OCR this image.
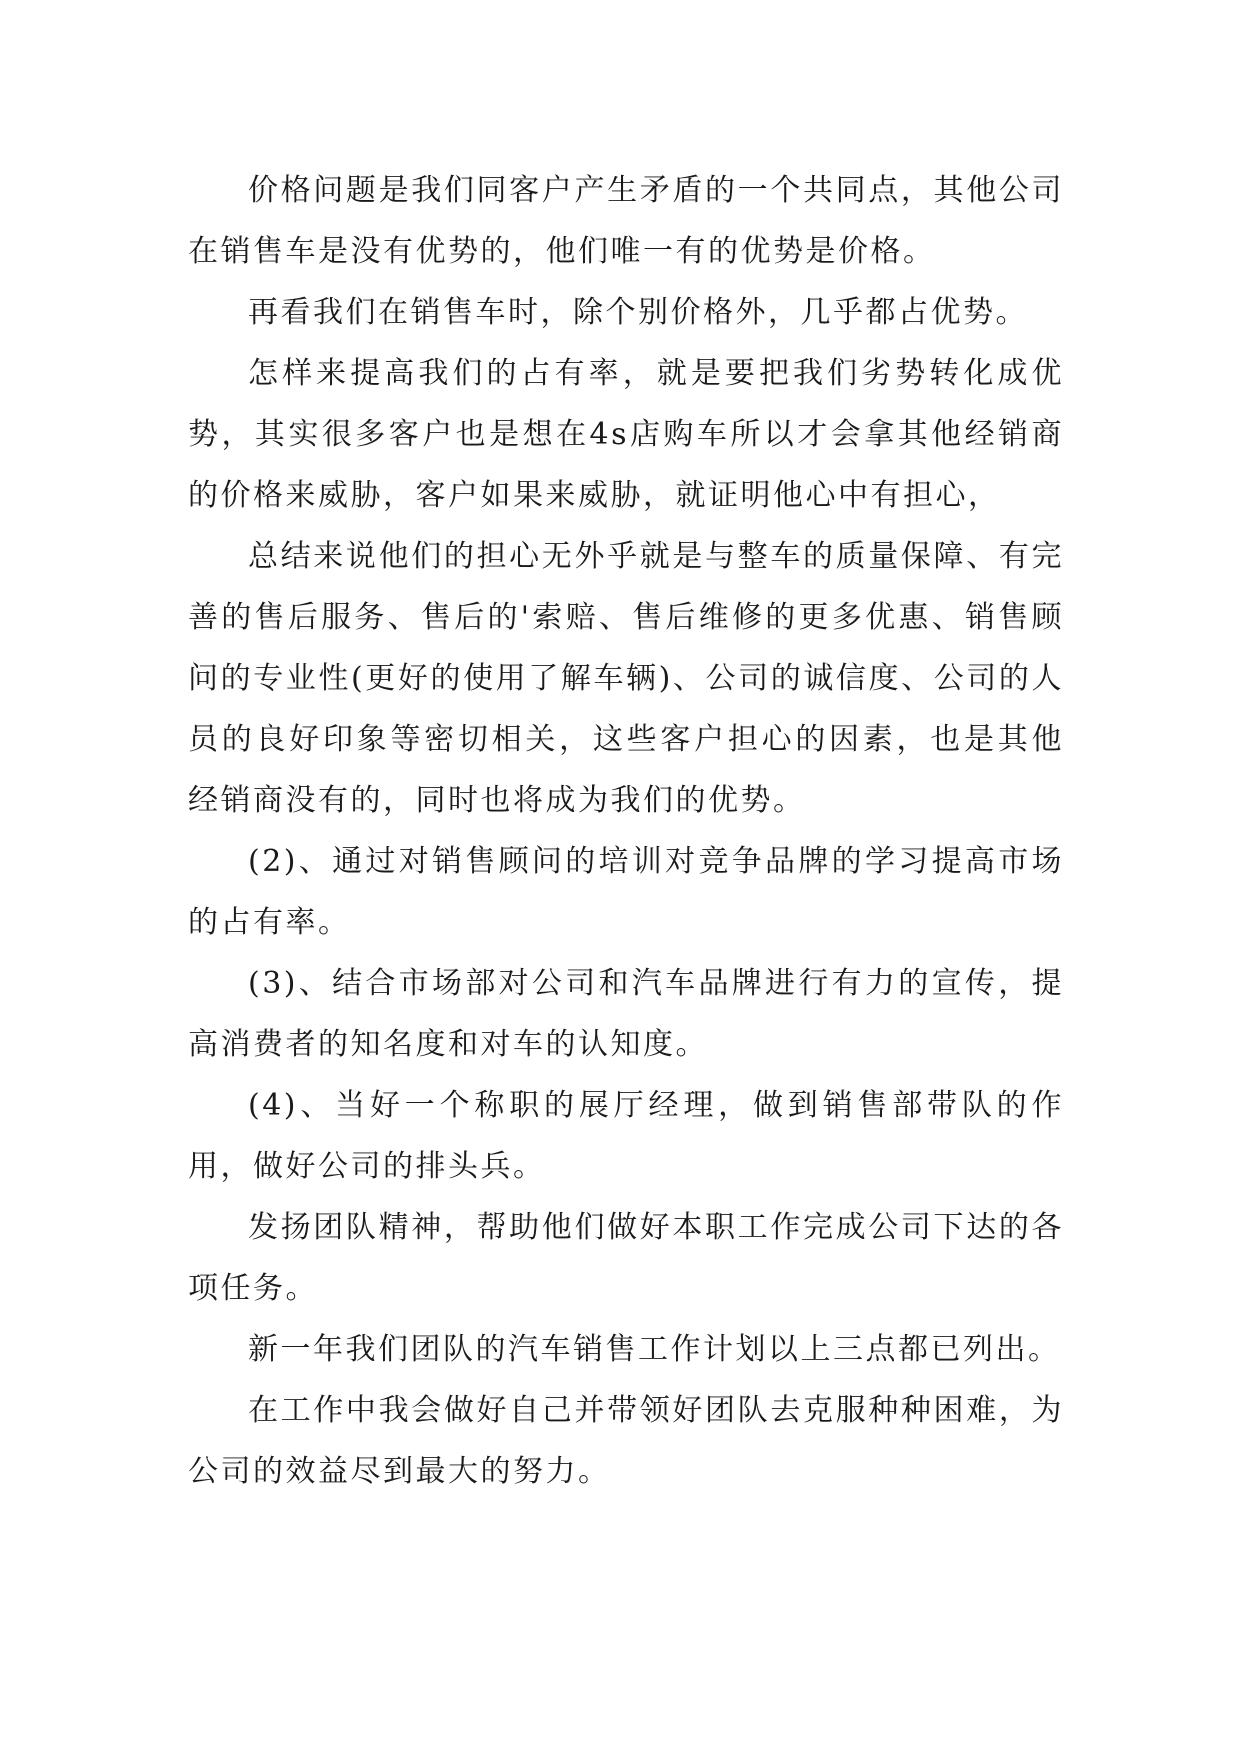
价格问题是我们同客户产生矛盾的一个共同点，其他公司在销售车是没有优势的，他们唯一有的优势是价格。

再看我们在销售车时，除个别价格外，几乎都占优势。

怎样来提高我们的占有率，就是要把我们劣势转化成优势，其实很多客户也是想在4s店购车所以才会拿其他经销商的价格来威胁，客户如果来威胁，就证明他心中有担心，

总结来说他们的担心无外乎就是与整车的质量保障、有完善的售后服务、售后的'索赔、售后维修的更多优惠、销售顾问的专业性(更好的使用了解车辆)、公司的诚信度、公司的人员的良好印象等密切相关，这些客户担心的因素，也是其他经销商没有的，同时也将成为我们的优势。

(2)、通过对销售顾问的培训对竞争品牌的学习提高市场的占有率。

(3)、结合市场部对公司和汽车品牌进行有力的宣传，提高消费者的知名度和对车的认知度。

(4)、当好一个称职的展厅经理，做到销售部带队的作用，做好公司的排头兵。

发扬团队精神，帮助他们做好本职工作完成公司下达的各项任务。

新一年我们团队的汽车销售工作计划以上三点都已列出。

在工作中我会做好自己并带领好团队去克服种种困难，为公司的效益尽到最大的努力。
